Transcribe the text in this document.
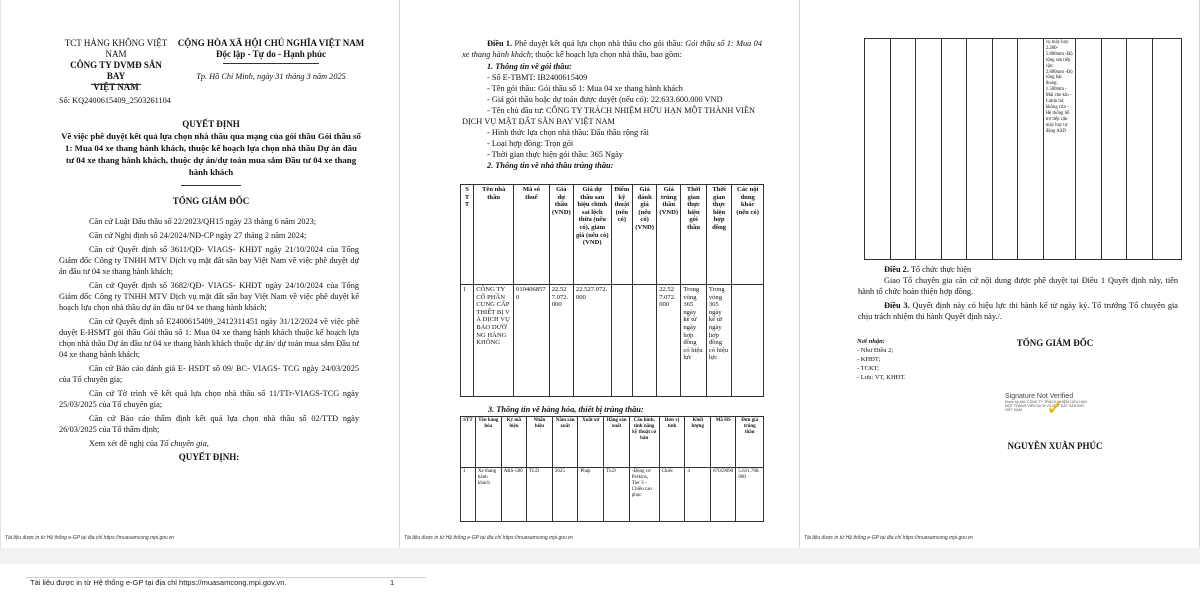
TCT HÀNG KHÔNG VIỆT
NAM
CÔNG TY DVMĐ SÂN BAY
VIỆT NAM
CỘNG HÒA XÃ HỘI CHỦ NGHĨA VIỆT NAM
Độc lập - Tự do - Hạnh phúc
Tp. Hồ Chí Minh, ngày 31 tháng 3 năm 2025
Số: KQ2400615409_2503261104
QUYẾT ĐỊNH
Về việc phê duyệt kết quả lựa chọn nhà thầu qua mạng của gói thầu Gói thầu số 1: Mua 04 xe thang hành khách, thuộc kế hoạch lựa chọn nhà thầu Dự án đầu tư 04 xe thang hành khách, thuộc dự án/dự toán mua sắm Đầu tư 04 xe thang hành khách
TỔNG GIÁM ĐỐC
Căn cứ Luật Đấu thầu số 22/2023/QH15 ngày 23 tháng 6 năm 2023;
Căn cứ Nghị định số 24/2024/NĐ-CP ngày 27 tháng 2 năm 2024;
Căn cứ Quyết định số 3611/QĐ- VIAGS- KHĐT ngày 21/10/2024 của Tổng Giám đốc Công ty TNHH MTV Dịch vụ mặt đất sân bay Việt Nam về việc phê duyệt dự án đầu tư 04 xe thang hành khách;
Căn cứ Quyết định số 3682/QĐ- VIAGS- KHĐT ngày 24/10/2024 của Tổng Giám đốc Công ty TNHH MTV Dịch vụ mặt đất sân bay Việt Nam về việc phê duyệt kế hoạch lựa chọn nhà thầu dự án đầu tư 04 xe thang hành khách;
Căn cứ Quyết định số E2400615409_2412311451 ngày 31/12/2024 về việc phê duyệt E-HSMT gói thầu Gói thầu số 1: Mua 04 xe thang hành khách thuộc kế hoạch lựa chọn nhà thầu Dự án đầu tư 04 xe thang hành khách thuộc dự án/ dự toán mua sắm Đầu tư 04 xe thang hành khách;
Căn cứ Báo cáo đánh giá E- HSDT số 09/ BC- VIAGS- TCG ngày 24/03/2025 của Tổ chuyên gia;
Căn cứ Tờ trình về kết quả lựa chọn nhà thầu số 11/TTr-VIAGS-TCG ngày 25/03/2025 của Tổ chuyên gia;
Căn cứ Báo cáo thẩm định kết quả lựa chọn nhà thầu số 02/TTĐ ngày 26/03/2025 của Tổ thẩm định;
Xem xét đề nghị của Tổ chuyên gia,
QUYẾT ĐỊNH:
Tài liệu được in từ Hệ thống e-GP tại địa chỉ https://muasamcong.mpi.gov.vn
Điều 1. Phê duyệt kết quả lựa chọn nhà thầu cho gói thầu: Gói thầu số 1: Mua 04 xe thang hành khách; thuộc kế hoạch lựa chọn nhà thầu, bao gồm:
1. Thông tin về gói thầu:
- Số E-TBMT: IB2400615409
- Tên gói thầu: Gói thầu số 1: Mua 04 xe thang hành khách
- Giá gói thầu hoặc dự toán được duyệt (nếu có): 22.633.600.000 VND
- Tên chủ đầu tư: CÔNG TY TRÁCH NHIỆM HỮU HẠN MỘT THÀNH VIÊN DỊCH VỤ MẶT ĐẤT SÂN BAY VIỆT NAM
- Hình thức lựa chọn nhà thầu: Đấu thầu rộng rãi
- Loại hợp đồng: Trọn gói
- Thời gian thực hiện gói thầu: 365 Ngày
2. Thông tin về nhà thầu trúng thầu:
S T T	Tên nhà thầu	Mã số thuế	Giá dự thầu (VND)	Giá dự thầu sau hiệu chỉnh sai lệch thừa (nếu có), giảm giá (nếu có) (VND)	Điểm kỹ thuật (nếu có)	Giá đánh giá (nếu có) (VND)	Giá trúng thầu (VND)	Thời gian thực hiện gói thầu	Thời gian thực hiện hợp đồng	Các nội dung khác (nếu có)
1	CÔNG TY CỔ PHẦN CUNG CẤP THIẾT BỊ VÀ DỊCH VỤ BẢO DƯỠNG HÀNG KHÔNG	0104068570	22.527.072.000	22.527.072.000			22.527.072.000	Trong vòng 365 ngày kể từ ngày hợp đồng có hiệu lực	Trong vòng 365 ngày kể từ ngày hợp đồng có hiệu lực	
3. Thông tin về hàng hóa, thiết bị trúng thầu:
STT	Tên hàng hóa	Ký mã hiệu	Nhãn hiệu	Năm sản xuất	Xuất xứ	Hãng sản xuất	Cấu hình, tính năng kỹ thuật cơ bản	Đơn vị tính	Khối lượng	Mã HS	Đơn giá trúng thầu
1	Xe thang hành khách	ABS-580	TLD	2025	Pháp	TLD	-Động cơ Perkins, Tier 3 -Chiều cao phục	Chiếc	4	87059090	5.631.768.000
Tài liệu được in từ Hệ thống e-GP tại địa chỉ https://muasamcong.mpi.gov.vn
							vụ máy bay: 2.200-5.800mm -Độ rộng sàn tiếp cận: 2.800mm -Độ rộng bậc thang: 1.500mm -Mái che kín -Cabin hở, không cửa -Hệ thống hỗ trợ tiếp cận máy bay tự động ASD				
Điều 2. Tổ chức thực hiện
Giao Tổ chuyên gia căn cứ nội dung được phê duyệt tại Điều 1 Quyết định này, tiến hành tổ chức hoàn thiện hợp đồng.
Điều 3. Quyết định này có hiệu lực thi hành kể từ ngày ký. Tổ trưởng Tổ chuyên gia chịu trách nhiệm thi hành Quyết định này./.
Nơi nhận:
- Như Điều 2;
- KHĐT;
- TCKT;
- Lưu: VT, KHĐT.
TỔNG GIÁM ĐỐC
NGUYỄN XUÂN PHÚC
Tài liệu được in từ Hệ thống e-GP tại địa chỉ https://muasamcong.mpi.gov.vn
Signature Not Verified
Được ký bởi: CÔNG TY TRÁCH NHIỆM HỮU HẠN MỘT THÀNH VIÊN DỊCH VỤ MẶT ĐẤT SÂN BAY VIỆT NAM	✓
Tài liệu được in từ Hệ thống e-GP tại địa chỉ https://muasamcong.mpi.gov.vn.	1
